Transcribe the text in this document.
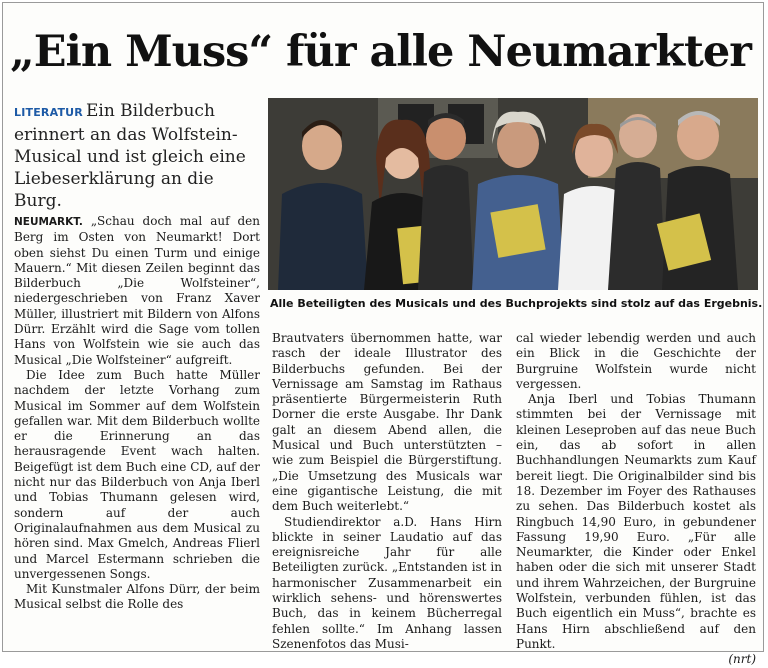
„Ein Muss“ für alle Neumarkter
LITERATUR Ein Bilderbuch erinnert an das Wolfstein-Musical und ist gleich eine Liebeserklärung an die Burg.

NEUMARKT. „Schau doch mal auf den Berg im Osten von Neumarkt! Dort oben siehst Du einen Turm und einige Mauern.“ Mit diesen Zeilen beginnt das Bilderbuch „Die Wolfsteiner“, niedergeschrieben von Franz Xaver Müller, illustriert mit Bildern von Alfons Dürr. Erzählt wird die Sage vom tollen Hans von Wolfstein wie sie auch das Musical „Die Wolfsteiner“ aufgreift.

Die Idee zum Buch hatte Müller nachdem der letzte Vorhang zum Musical im Sommer auf dem Wolfstein gefallen war. Mit dem Bilderbuch wollte er die Erinnerung an das herausragende Event wach halten. Beigefügt ist dem Buch eine CD, auf der nicht nur das Bilderbuch von Anja Iberl und Tobias Thumann gelesen wird, sondern auf der auch Originalaufnahmen aus dem Musical zu hören sind. Max Gmelch, Andreas Flierl und Marcel Estermann schrieben die unvergessenen Songs.

Mit Kunstmaler Alfons Dürr, der beim Musical selbst die Rolle des

Alle Beteiligten des Musicals und des Buchprojekts sind stolz auf das Ergebnis.

Brautvaters übernommen hatte, war rasch der ideale Illustrator des Bilderbuchs gefunden. Bei der Vernissage am Samstag im Rathaus präsentierte Bürgermeisterin Ruth Dorner die erste Ausgabe. Ihr Dank galt an diesem Abend allen, die Musical und Buch unterstützten – wie zum Beispiel die Bürgerstiftung. „Die Umsetzung des Musicals war eine gigantische Leistung, die mit dem Buch weiterlebt.“

Studiendirektor a.D. Hans Hirn blickte in seiner Laudatio auf das ereignisreiche Jahr für alle Beteiligten zurück. „Entstanden ist in harmonischer Zusammenarbeit ein wirklich sehens- und hörenswertes Buch, das in keinem Bücherregal fehlen sollte.“ Im Anhang lassen Szenenfotos das Musi-

cal wieder lebendig werden und auch ein Blick in die Geschichte der Burgruine Wolfstein wurde nicht vergessen.

Anja Iberl und Tobias Thumann stimmten bei der Vernissage mit kleinen Leseproben auf das neue Buch ein, das ab sofort in allen Buchhandlungen Neumarkts zum Kauf bereit liegt. Die Originalbilder sind bis 18. Dezember im Foyer des Rathauses zu sehen. Das Bilderbuch kostet als Ringbuch 14,90 Euro, in gebundener Fassung 19,90 Euro. „Für alle Neumarkter, die Kinder oder Enkel haben oder die sich mit unserer Stadt und ihrem Wahrzeichen, der Burgruine Wolfstein, verbunden fühlen, ist das Buch eigentlich ein Muss“, brachte es Hans Hirn abschließend auf den Punkt.

(nrt)
